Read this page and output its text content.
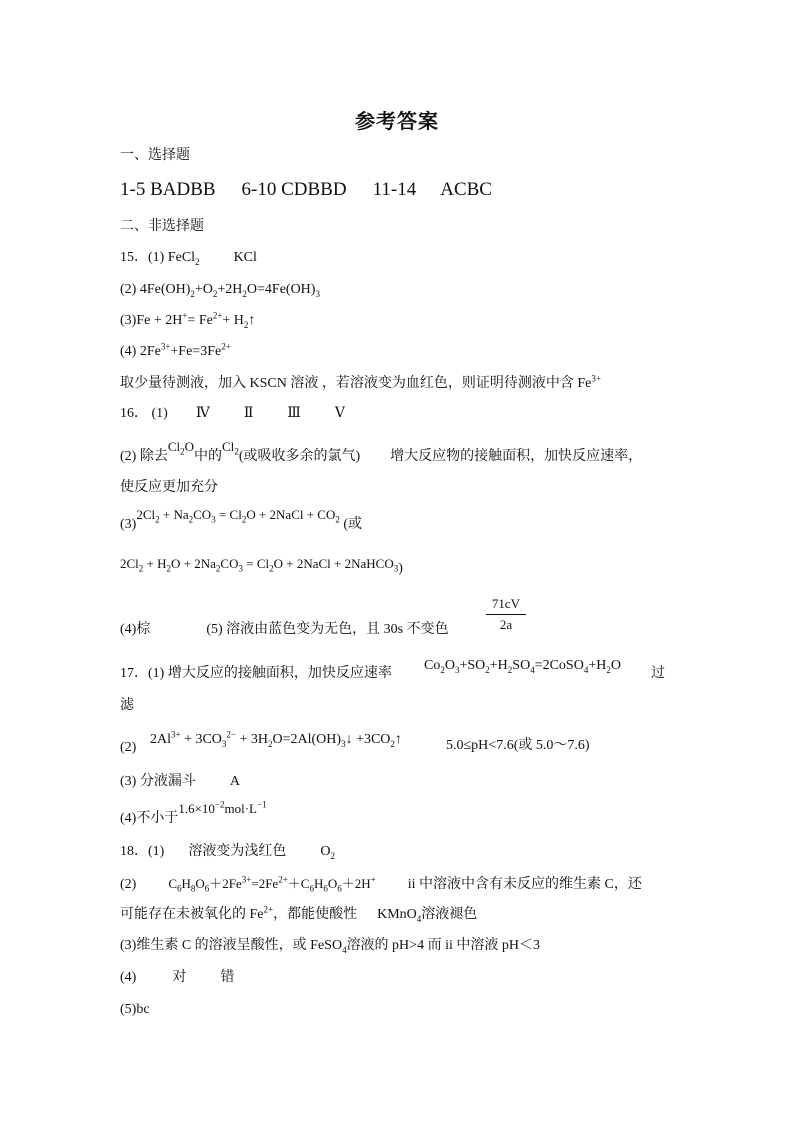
参考答案
一、选择题
1-5 BADBB 6-10 CDBBD 11-14 ACBC
二、非选择题
15．(1) FeCl$_2$ KCl
(2) $4Fe(OH)_2+O_2+2H_2O=4Fe(OH)_3$
$(3)Fe + 2H^+= Fe^{2+}+$ $H_2↑$
(4) $2Fe^{3+}+Fe=3Fe^{2+}$
取少量待测液，加入 KSCN 溶液 ，若溶液变为血红色，则证明待测液中含 $Fe^{3+}$
16． (1) Ⅳ Ⅱ Ⅲ Ⅴ
(2) 除去$Cl_2O$中的$Cl_2$(或吸收多余的氯气) 增大反应物的接触面积，加快反应速率，
使反应更加充分
$(3)2Cl_2 + Na_2CO_3 = Cl_2O$ + 2NaCl + $CO_2$ (或
$2Cl_2 + H_2O + 2Na_2CO_3 = Cl_2O$ + 2NaCl + 2NaHCO$_3$)
(4)棕	(5) 溶液由蓝色变为无色，且 30s 不变色	$\frac{71cV}{2a}$
17．(1) 增大反应的接触面积，加快反应速率
$Co_2O_3+SO_2+H_2SO_4=2CoSO_4+H_2O$
过
滤
(2)
$2Al^{3+} + 3CO_3^{2-}$ + $3H_2O=2Al(OH)_3↓$ $+3CO_2↑$	5.0≤pH<7.6(或 5.0～7.6)
(3) 分液漏斗 A
(4)不小于$1.6\times 10^{-2}mol\cdot L^{-1}$
18．(1) 溶液变为浅红色 $O_2$
(2) $C_6H_8O_6+2Fe^{3+}=2Fe^{2+}+C_6H_6O_6+2H^+$ ii 中溶液中含有未反应的维生素 C，还
可能存在未被氧化的 $Fe^{2+}$，都能使酸性 KMnO$_4$溶液褪色
(3)维生素 C 的溶液呈酸性，或 FeSO$_4$溶液的 pH>4 而 ii 中溶液 pH＜3
(4)	对 错
(5)bc
